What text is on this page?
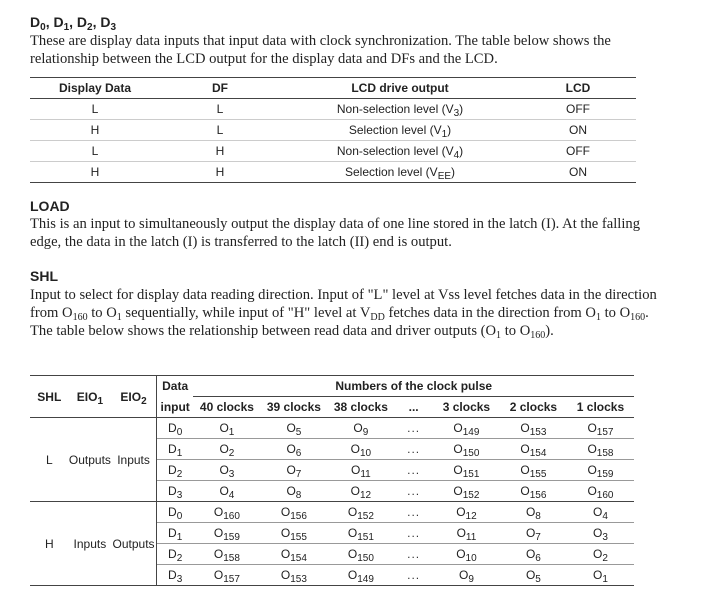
$D_0$, $D_1$, $D_2$, $D_3$
These are display data inputs that input data with clock synchronization. The table below shows the relationship between the LCD output for the display data and DFs and the LCD.
Display Data	DF	LCD drive output	LCD
L	L	Non-selection level $(V_3)$	OFF
H	L	Selection level $(V_1)$	ON
L	H	Non-selection level $(V_4)$	OFF
H	H	Selection level $(V_{EE})$	ON
LOAD
This is an input to simultaneously output the display data of one line stored in the latch (I). At the falling edge, the data in the latch (I) is transferred to the latch (II) end is output.
SHL
Input to select for display data reading direction. Input of "L" level at Vss level fetches data in the direction from $O_{160}$ to $O_1$ sequentially, while input of "H" level at $V_{DD}$ fetches data in the direction from $O_1$ to $O_{160}$. The table below shows the relationship between read data and driver outputs ($O_1$ to $O_{160}$).
SHL	$EIO_1$	$EIO_2$	Data	Numbers of the clock pulse						
			input	40 clocks	39 clocks	38 clocks	...	3 clocks	2 clocks	1 clocks
L	Outputs	Inputs	$D_0$	$O_1$	$O_5$	$O_9$	...	$O_{149}$	$O_{153}$	$O_{157}$
			$D_1$	$O_2$	$O_6$	$O_{10}$	...	$O_{150}$	$O_{154}$	$O_{158}$
			$D_2$	$O_3$	$O_7$	$O_{11}$	...	$O_{151}$	$O_{155}$	$O_{159}$
			$D_3$	$O_4$	$O_8$	$O_{12}$	...	$O_{152}$	$O_{156}$	$O_{160}$
H	Inputs	Outputs	$D_0$	$O_{160}$	$O_{156}$	$O_{152}$	...	$O_{12}$	$O_8$	$O_4$
			$D_1$	$O_{159}$	$O_{155}$	$O_{151}$	...	$O_{11}$	$O_7$	$O_3$
			$D_2$	$O_{158}$	$O_{154}$	$O_{150}$	...	$O_{10}$	$O_6$	$O_2$
			$D_3$	$O_{157}$	$O_{153}$	$O_{149}$	...	$O_9$	$O_5$	$O_1$
